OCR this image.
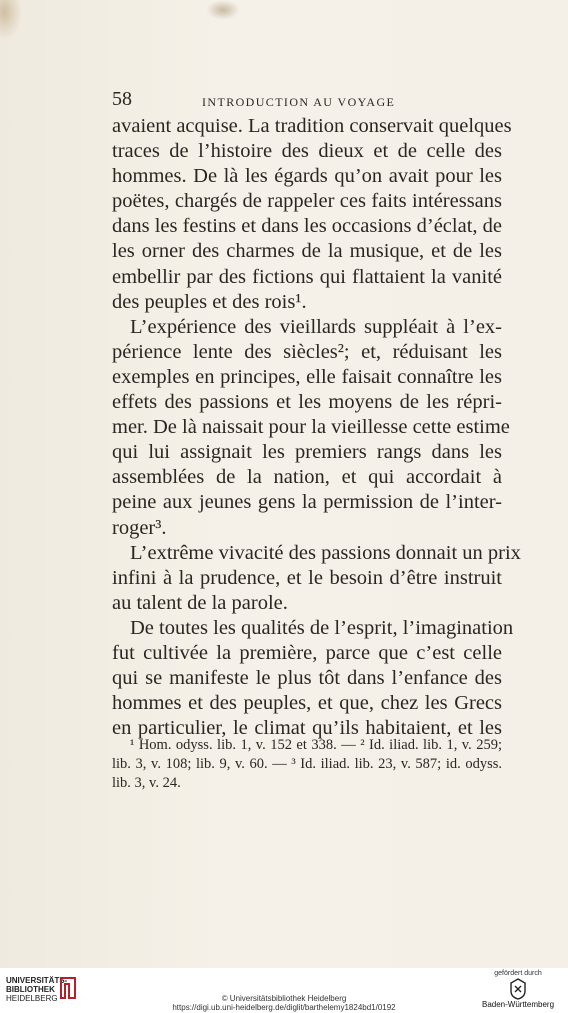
58	INTRODUCTION AU VOYAGE
avaient acquise. La tradition conservait quelques
traces de l’histoire des dieux et de celle des
hommes. De là les égards qu’on avait pour les
poëtes, chargés de rappeler ces faits intéressans
dans les festins et dans les occasions d’éclat, de
les orner des charmes de la musique, et de les
embellir par des fictions qui flattaient la vanité
des peuples et des rois¹.
L’expérience des vieillards suppléait à l’ex-
périence lente des siècles²; et, réduisant les
exemples en principes, elle faisait connaître les
effets des passions et les moyens de les répri-
mer. De là naissait pour la vieillesse cette estime
qui lui assignait les premiers rangs dans les
assemblées de la nation, et qui accordait à
peine aux jeunes gens la permission de l’inter-
roger³.
L’extrême vivacité des passions donnait un prix
infini à la prudence, et le besoin d’être instruit
au talent de la parole.
De toutes les qualités de l’esprit, l’imagination
fut cultivée la première, parce que c’est celle
qui se manifeste le plus tôt dans l’enfance des
hommes et des peuples, et que, chez les Grecs
en particulier, le climat qu’ils habitaient, et les
¹ Hom. odyss. lib. 1, v. 152 et 338. — ² Id. iliad. lib. 1, v. 259;
lib. 3, v. 108; lib. 9, v. 60. — ³ Id. iliad. lib. 23, v. 587; id. odyss.
lib. 3, v. 24.
UNIVERSITÄTS-
BIBLIOTHEK
HEIDELBERG	© Universitätsbibliothek Heidelberg
https://digi.ub.uni-heidelberg.de/diglit/barthelemy1824bd1/0192
gefördert durch
Baden-Württemberg
